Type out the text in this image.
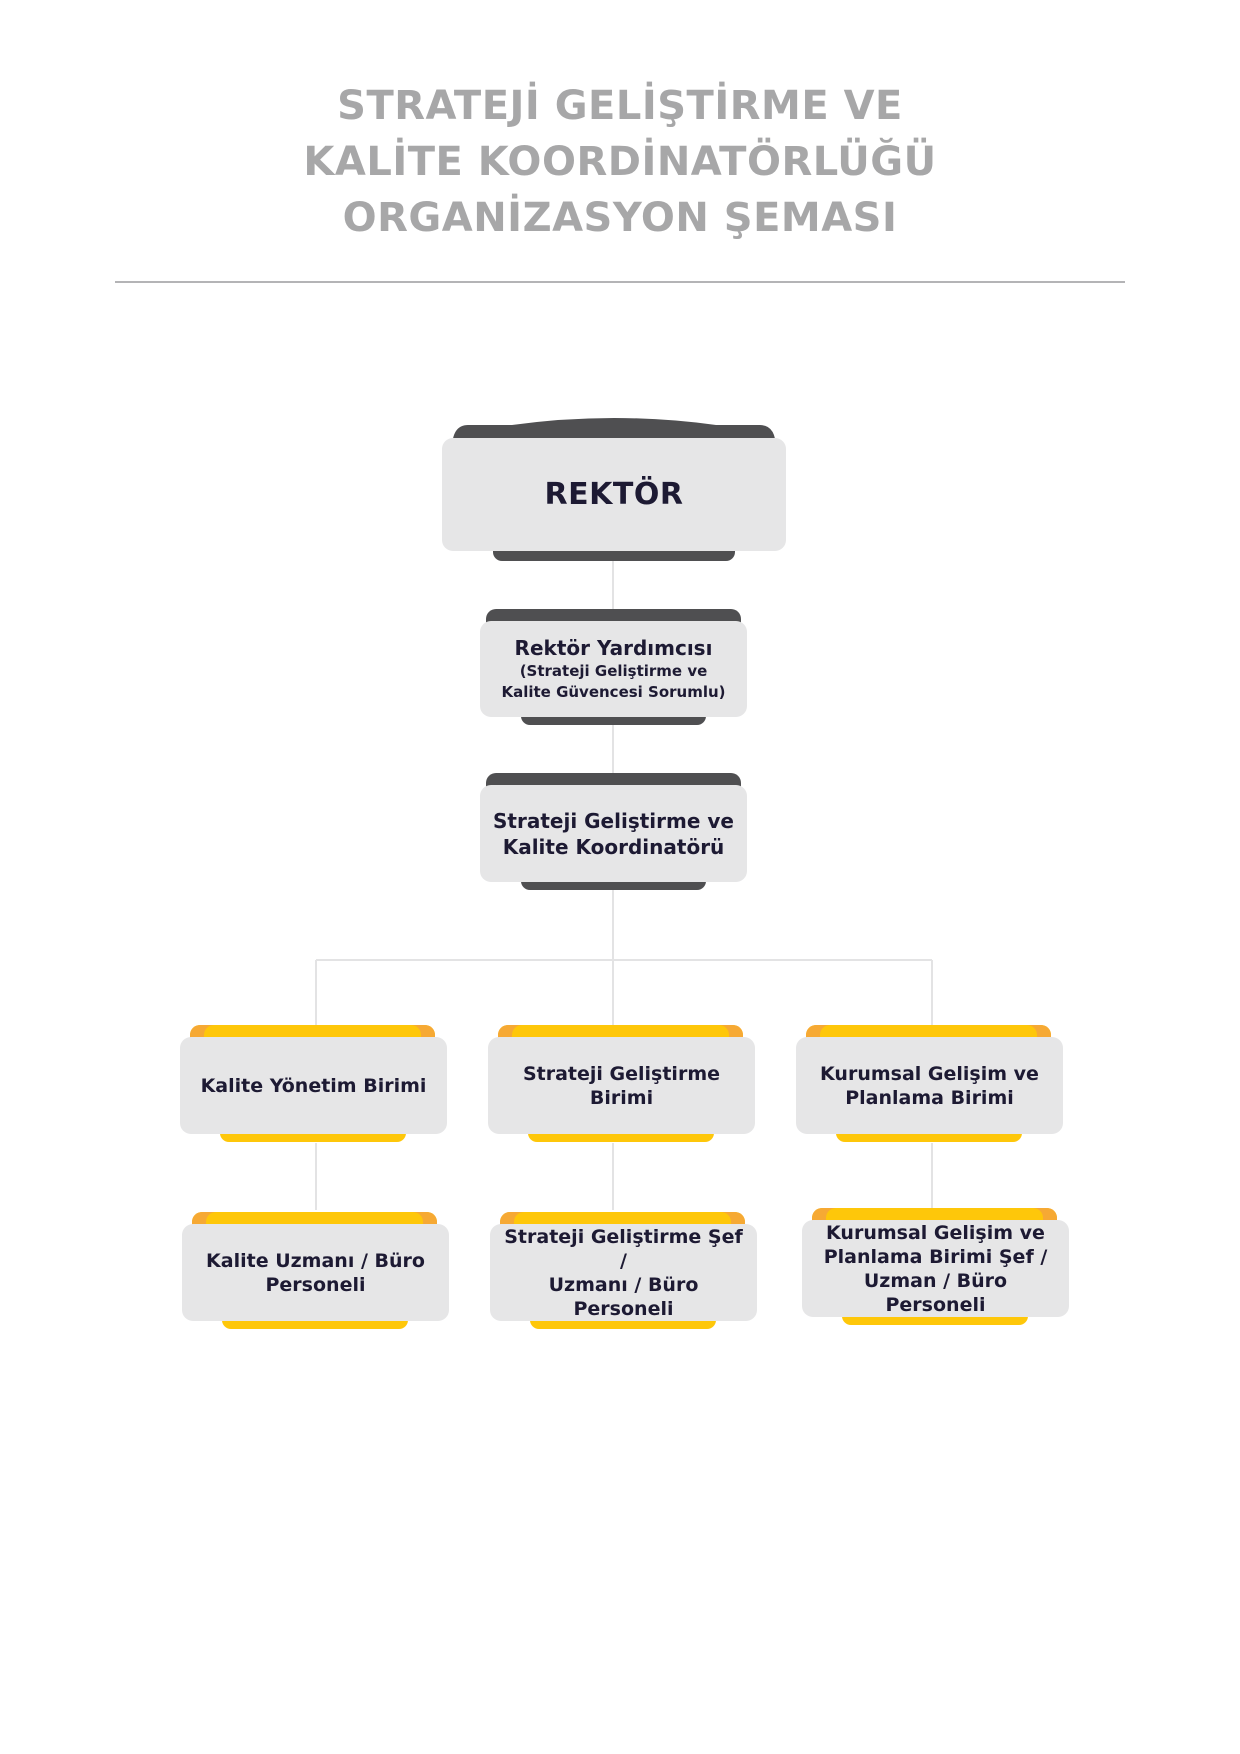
STRATEJİ GELİŞTİRME VE
KALİTE KOORDİNATÖRLÜĞÜ
ORGANİZASYON ŞEMASI
REKTÖR
Rektör Yardımcısı
(Strateji Geliştirme ve
Kalite Güvencesi Sorumlu)
Strateji Geliştirme ve
Kalite Koordinatörü
Kalite Yönetim Birimi
Strateji Geliştirme
Birimi
Kurumsal Gelişim ve
Planlama Birimi
Kalite Uzmanı / Büro
Personeli
Strateji Geliştirme Şef /
Uzmanı / Büro Personeli
Kurumsal Gelişim ve
Planlama Birimi Şef /
Uzman / Büro Personeli
